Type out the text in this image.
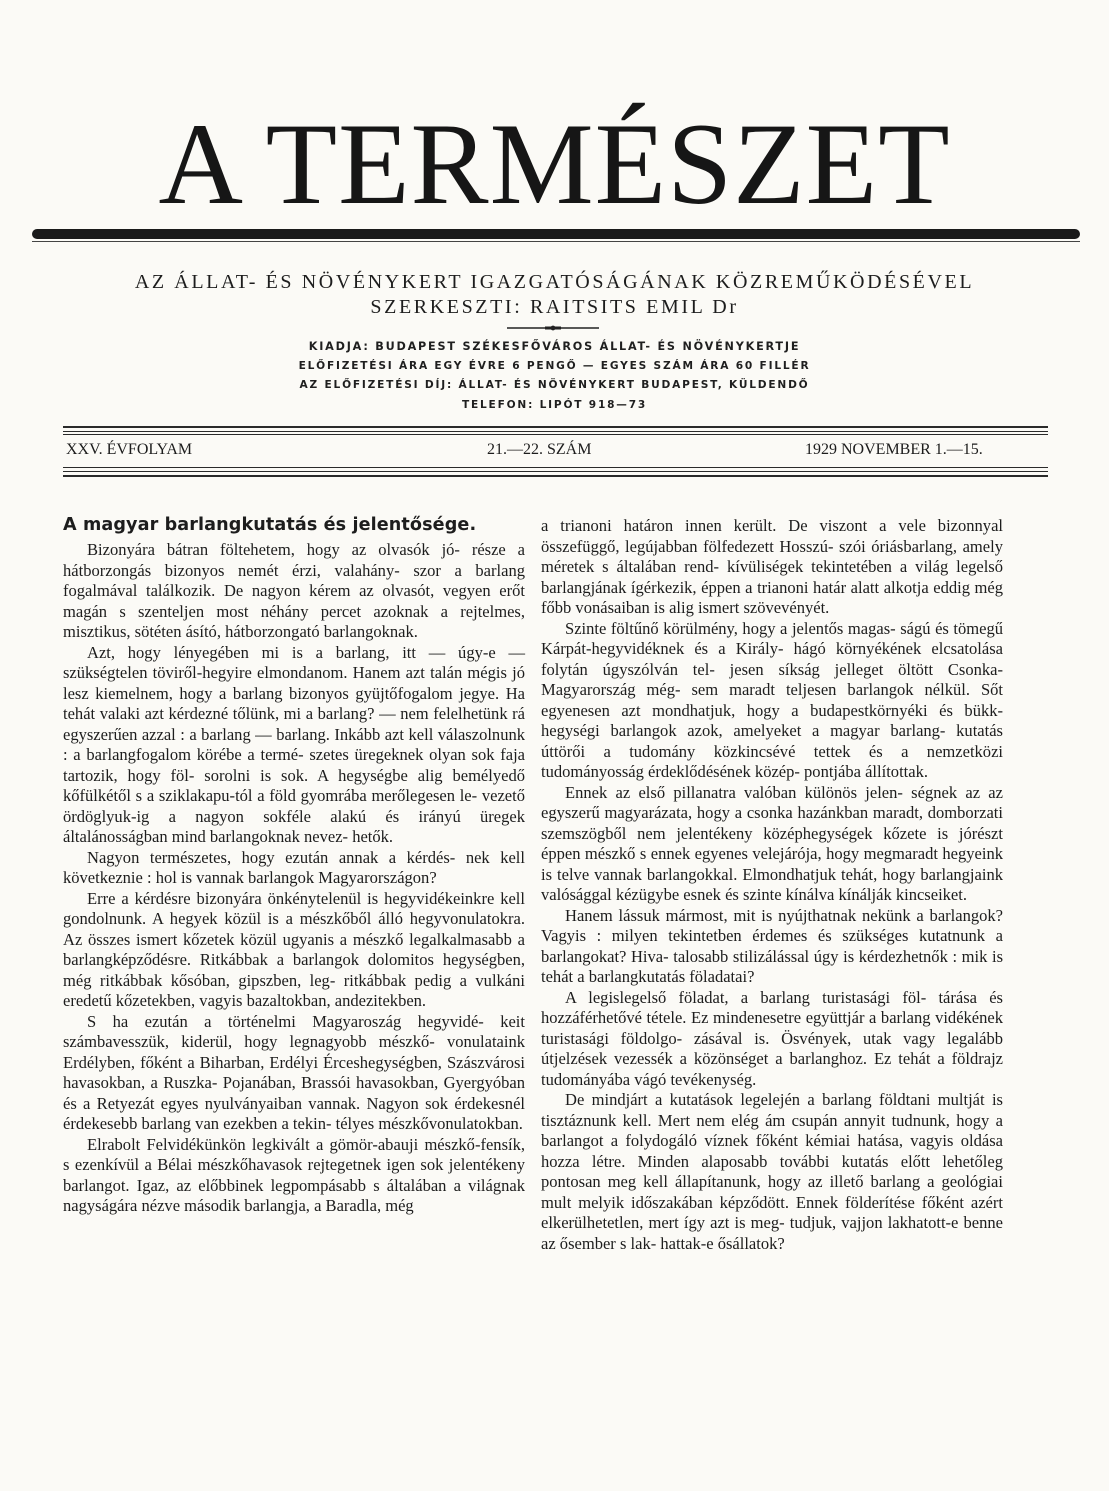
A TERMÉSZET
AZ ÁLLAT- ÉS NÖVÉNYKERT IGAZGATÓSÁGÁNAK KÖZREMŰKÖDÉSÉVEL
SZERKESZTI: RAITSITS EMIL Dr
KIADJA: BUDAPEST SZÉKESFŐVÁROS ÁLLAT- ÉS NÖVÉNYKERTJE
ELŐFIZETÉSI ÁRA EGY ÉVRE 6 PENGŐ — EGYES SZÁM ÁRA 60 FILLÉR
AZ ELŐFIZETÉSI DÍJ: ÁLLAT- ÉS NÖVÉNYKERT BUDAPEST, KÜLDENDŐ
TELEFON: LIPÓT 918—73
XXV. ÉVFOLYAM	21.—22. SZÁM	1929 NOVEMBER 1.—15.
A magyar barlangkutatás és jelentősége.

Bizonyára bátran föltehetem, hogy az olvasók jó- része a hátborzongás bizonyos nemét érzi, valahány- szor a barlang fogalmával találkozik. De nagyon kérem az olvasót, vegyen erőt magán s szenteljen most néhány percet azoknak a rejtelmes, misztikus, sötéten ásító, hátborzongató barlangoknak.

Azt, hogy lényegében mi is a barlang, itt — úgy-e — szükségtelen töviről-hegyire elmondanom. Hanem azt talán mégis jó lesz kiemelnem, hogy a barlang bizonyos gyüjtőfogalom jegye. Ha tehát valaki azt kérdezné tőlünk, mi a barlang? — nem felelhetünk rá egyszerűen azzal : a barlang — barlang. Inkább azt kell válaszolnunk : a barlangfogalom körébe a termé- szetes üregeknek olyan sok faja tartozik, hogy föl- sorolni is sok. A hegységbe alig bemélyedő kőfülkétől s a sziklakapu-tól a föld gyomrába merőlegesen le- vezető ördöglyuk-ig a nagyon sokféle alakú és irányú üregek általánosságban mind barlangoknak nevez- hetők.

Nagyon természetes, hogy ezután annak a kérdés- nek kell következnie : hol is vannak barlangok Magyarországon?

Erre a kérdésre bizonyára önkénytelenül is hegyvidékeinkre kell gondolnunk. A hegyek közül is a mészkőből álló hegyvonulatokra. Az összes ismert kőzetek közül ugyanis a mészkő legalkalmasabb a barlangképződésre. Ritkábbak a barlangok dolomitos hegységben, még ritkábbak kősóban, gipszben, leg- ritkábbak pedig a vulkáni eredetű kőzetekben, vagyis bazaltokban, andezitekben.

S ha ezután a történelmi Magyaroszág hegyvidé- keit számbavesszük, kiderül, hogy legnagyobb mészkő- vonulataink Erdélyben, főként a Biharban, Erdélyi Érceshegységben, Szászvárosi havasokban, a Ruszka- Pojanában, Brassói havasokban, Gyergyóban és a Retyezát egyes nyulványaiban vannak. Nagyon sok érdekesnél érdekesebb barlang van ezekben a tekin- télyes mészkővonulatokban.

Elrabolt Felvidékünkön legkivált a gömör-abauji mészkő-fensík, s ezenkívül a Bélai mészkőhavasok rejtegetnek igen sok jelentékeny barlangot. Igaz, az előbbinek legpompásabb s általában a világnak nagyságára nézve második barlangja, a Baradla, még

a trianoni határon innen került. De viszont a vele bizonnyal összefüggő, legújabban fölfedezett Hosszú- szói óriásbarlang, amely méretek s általában rend- kívüliségek tekintetében a világ legelső barlangjának ígérkezik, éppen a trianoni határ alatt alkotja eddig még főbb vonásaiban is alig ismert szövevényét.

Szinte föltűnő körülmény, hogy a jelentős magas- ságú és tömegű Kárpát-hegyvidéknek és a Király- hágó környékének elcsatolása folytán úgyszólván tel- jesen síkság jelleget öltött Csonka-Magyarország még- sem maradt teljesen barlangok nélkül. Sőt egyenesen azt mondhatjuk, hogy a budapestkörnyéki és bükk- hegységi barlangok azok, amelyeket a magyar barlang- kutatás úttörői a tudomány közkincsévé tettek és a nemzetközi tudományosság érdeklődésének közép- pontjába állítottak.

Ennek az első pillanatra valóban különös jelen- ségnek az az egyszerű magyarázata, hogy a csonka hazánkban maradt, domborzati szemszögből nem jelentékeny középhegységek kőzete is jórészt éppen mészkő s ennek egyenes velejárója, hogy megmaradt hegyeink is telve vannak barlangokkal. Elmondhatjuk tehát, hogy barlangjaink valósággal kézügybe esnek és szinte kínálva kínálják kincseiket.

Hanem lássuk mármost, mit is nyújthatnak nekünk a barlangok? Vagyis : milyen tekintetben érdemes és szükséges kutatnunk a barlangokat? Hiva- talosabb stilizálással úgy is kérdezhetnők : mik is tehát a barlangkutatás föladatai?

A legislegelső föladat, a barlang turistasági föl- tárása és hozzáférhetővé tétele. Ez mindenesetre együttjár a barlang vidékének turistasági földolgo- zásával is. Ösvények, utak vagy legalább útjelzések vezessék a közönséget a barlanghoz. Ez tehát a földrajz tudományába vágó tevékenység.

De mindjárt a kutatások legelején a barlang földtani multját is tisztáznunk kell. Mert nem elég ám csupán annyit tudnunk, hogy a barlangot a folydogáló víznek főként kémiai hatása, vagyis oldása hozza létre. Minden alaposabb további kutatás előtt lehetőleg pontosan meg kell állapítanunk, hogy az illető barlang a geológiai mult melyik időszakában képződött. Ennek földerítése főként azért elkerülhetetlen, mert így azt is meg- tudjuk, vajjon lakhatott-e benne az ősember s lak- hattak-e ősállatok?
